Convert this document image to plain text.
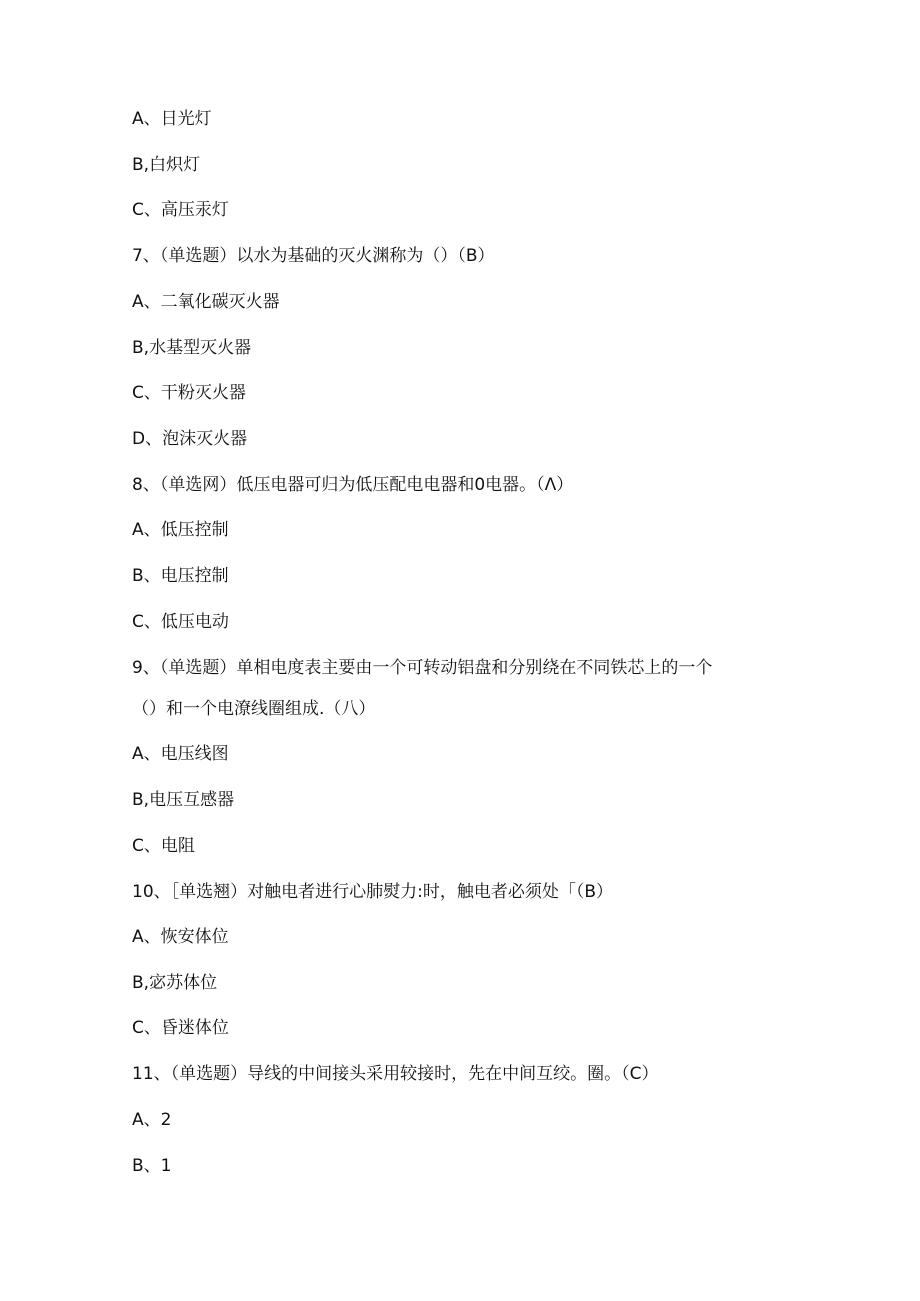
A、日光灯
B,白炽灯
C、高压汞灯
7、（单选题）以水为基础的灭火渊称为（）（B）
A、二氧化碳灭火器
B,水基型灭火器
C、干粉灭火器
D、泡沫灭火器
8、（单选网）低压电器可归为低压配电电器和0电器。（Λ）
A、低压控制
B、电压控制
C、低压电动
9、（单选题）单相电度表主要由一个可转动铝盘和分别绕在不同铁芯上的一个
（）和一个电潦线圈组成.（八）
A、电压线图
B,电压互感器
C、电阻
10、［单选翘）对触电者进行心肺熨力:时，触电者必须处「（B）
A、恢安体位
B,宓苏体位
C、昏迷体位
11、（单选题）导线的中间接头采用较接时，先在中间互绞。圈。（C）
A、2
B、1
